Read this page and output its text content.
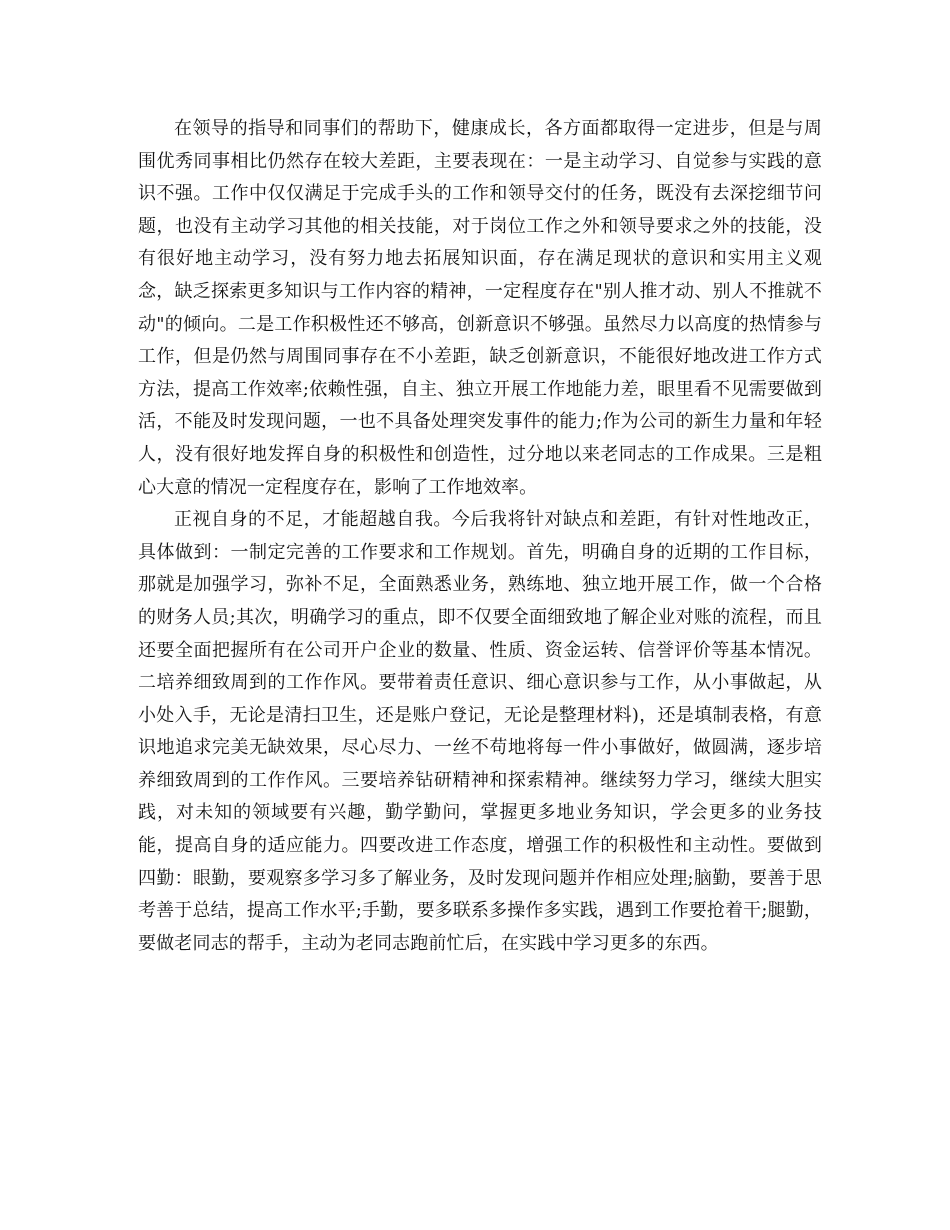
在领导的指导和同事们的帮助下，健康成长，各方面都取得一定进步，但是与周围优秀同事相比仍然存在较大差距，主要表现在：一是主动学习、自觉参与实践的意识不强。工作中仅仅满足于完成手头的工作和领导交付的任务，既没有去深挖细节问题，也没有主动学习其他的相关技能，对于岗位工作之外和领导要求之外的技能，没有很好地主动学习，没有努力地去拓展知识面，存在满足现状的意识和实用主义观念，缺乏探索更多知识与工作内容的精神，一定程度存在"别人推才动、别人不推就不动"的倾向。二是工作积极性还不够高，创新意识不够强。虽然尽力以高度的热情参与工作，但是仍然与周围同事存在不小差距，缺乏创新意识，不能很好地改进工作方式方法，提高工作效率;依赖性强，自主、独立开展工作地能力差，眼里看不见需要做到活，不能及时发现问题，一也不具备处理突发事件的能力;作为公司的新生力量和年轻人，没有很好地发挥自身的积极性和创造性，过分地以来老同志的工作成果。三是粗心大意的情况一定程度存在，影响了工作地效率。

正视自身的不足，才能超越自我。今后我将针对缺点和差距，有针对性地改正，具体做到：一制定完善的工作要求和工作规划。首先，明确自身的近期的工作目标，那就是加强学习，弥补不足，全面熟悉业务，熟练地、独立地开展工作，做一个合格的财务人员;其次，明确学习的重点，即不仅要全面细致地了解企业对账的流程，而且还要全面把握所有在公司开户企业的数量、性质、资金运转、信誉评价等基本情况。二培养细致周到的工作作风。要带着责任意识、细心意识参与工作，从小事做起，从小处入手，无论是清扫卫生，还是账户登记，无论是整理材料)，还是填制表格，有意识地追求完美无缺效果，尽心尽力、一丝不苟地将每一件小事做好，做圆满，逐步培养细致周到的工作作风。三要培养钻研精神和探索精神。继续努力学习，继续大胆实践，对未知的领域要有兴趣，勤学勤问，掌握更多地业务知识，学会更多的业务技能，提高自身的适应能力。四要改进工作态度，增强工作的积极性和主动性。要做到四勤：眼勤，要观察多学习多了解业务，及时发现问题并作相应处理;脑勤，要善于思考善于总结，提高工作水平;手勤，要多联系多操作多实践，遇到工作要抢着干;腿勤，要做老同志的帮手，主动为老同志跑前忙后，在实践中学习更多的东西。
